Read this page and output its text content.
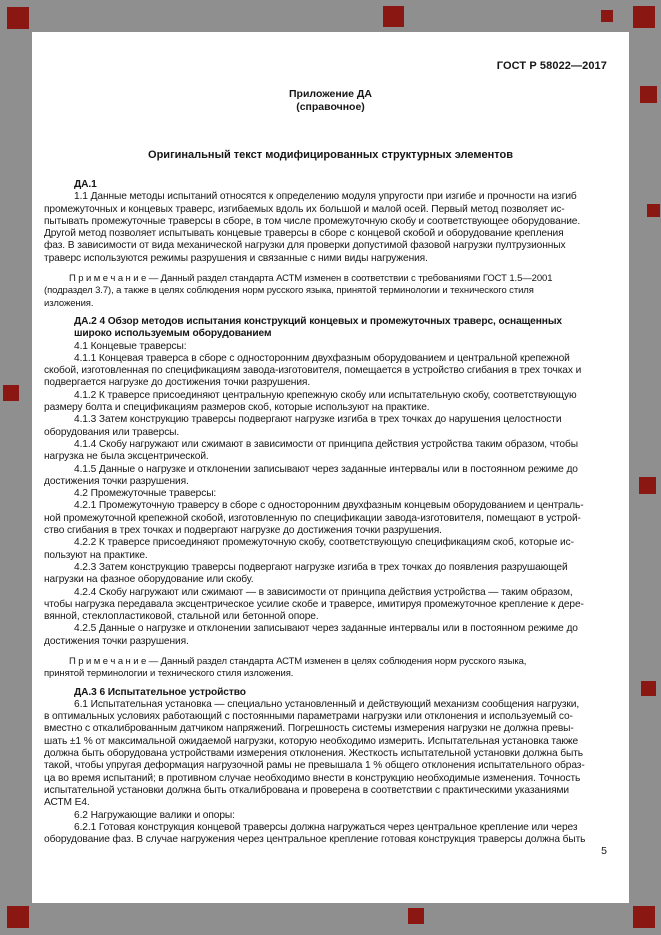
ГОСТ Р 58022—2017
Приложение ДА
(справочное)
Оригинальный текст модифицированных структурных элементов
ДА.1
1.1 Данные методы испытаний относятся к определению модуля упругости при изгибе и прочности на изгиб
промежуточных и концевых траверс, изгибаемых вдоль их большой и малой осей. Первый метод позволяет ис-
пытывать промежуточные траверсы в сборе, в том числе промежуточную скобу и соответствующее оборудование.
Другой метод позволяет испытывать концевые траверсы в сборе с концевой скобой и оборудование крепления
фаз. В зависимости от вида механической нагрузки для проверки допустимой фазовой нагрузки пултрузионных
траверс используются режимы разрушения и связанные с ними виды нагружения.
П р и м е ч а н и е — Данный раздел стандарта АСТМ изменен в соответствии с требованиями ГОСТ 1.5—2001
(подраздел 3.7), а также в целях соблюдения норм русского языка, принятой терминологии и технического стиля
изложения.
ДА.2 4 Обзор методов испытания конструкций концевых и промежуточных траверс, оснащенных
широко используемым оборудованием
4.1 Концевые траверсы:
4.1.1 Концевая траверса в сборе с односторонним двухфазным оборудованием и центральной крепежной
скобой, изготовленная по спецификациям завода-изготовителя, помещается в устройство сгибания в трех точках и
подвергается нагрузке до достижения точки разрушения.
4.1.2 К траверсе присоединяют центральную крепежную скобу или испытательную скобу, соответствующую
размеру болта и спецификациям размеров скоб, которые используют на практике.
4.1.3 Затем конструкцию траверсы подвергают нагрузке изгиба в трех точках до нарушения целостности
оборудования или траверсы.
4.1.4 Скобу нагружают или сжимают в зависимости от принципа действия устройства таким образом, чтобы
нагрузка не была эксцентрической.
4.1.5 Данные о нагрузке и отклонении записывают через заданные интервалы или в постоянном режиме до
достижения точки разрушения.
4.2 Промежуточные траверсы:
4.2.1 Промежуточную траверсу в сборе с односторонним двухфазным концевым оборудованием и централь-
ной промежуточной крепежной скобой, изготовленную по спецификации завода-изготовителя, помещают в устрой-
ство сгибания в трех точках и подвергают нагрузке до достижения точки разрушения.
4.2.2 К траверсе присоединяют промежуточную скобу, соответствующую спецификациям скоб, которые ис-
пользуют на практике.
4.2.3 Затем конструкцию траверсы подвергают нагрузке изгиба в трех точках до появления разрушающей
нагрузки на фазное оборудование или скобу.
4.2.4 Скобу нагружают или сжимают — в зависимости от принципа действия устройства — таким образом,
чтобы нагрузка передавала эксцентрическое усилие скобе и траверсе, имитируя промежуточное крепление к дере-
вянной, стеклопластиковой, стальной или бетонной опоре.
4.2.5 Данные о нагрузке и отклонении записывают через заданные интервалы или в постоянном режиме до
достижения точки разрушения.
П р и м е ч а н и е — Данный раздел стандарта АСТМ изменен в целях соблюдения норм русского языка,
принятой терминологии и технического стиля изложения.
ДА.3 6 Испытательное устройство
6.1 Испытательная установка — специально установленный и действующий механизм сообщения нагрузки,
в оптимальных условиях работающий с постоянными параметрами нагрузки или отклонения и используемый со-
вместно с откалиброванным датчиком напряжений. Погрешность системы измерения нагрузки не должна превы-
шать ±1 % от максимальной ожидаемой нагрузки, которую необходимо измерить. Испытательная установка также
должна быть оборудована устройствами измерения отклонения. Жесткость испытательной установки должна быть
такой, чтобы упругая деформация нагрузочной рамы не превышала 1 % общего отклонения испытательного образ-
ца во время испытаний; в противном случае необходимо внести в конструкцию необходимые изменения. Точность
испытательной установки должна быть откалибрована и проверена в соответствии с практическими указаниями
АСТМ Е4.
6.2 Нагружающие валики и опоры:
6.2.1 Готовая конструкция концевой траверсы должна нагружаться через центральное крепление или через
оборудование фаз. В случае нагружения через центральное крепление готовая конструкция траверсы должна быть
5
